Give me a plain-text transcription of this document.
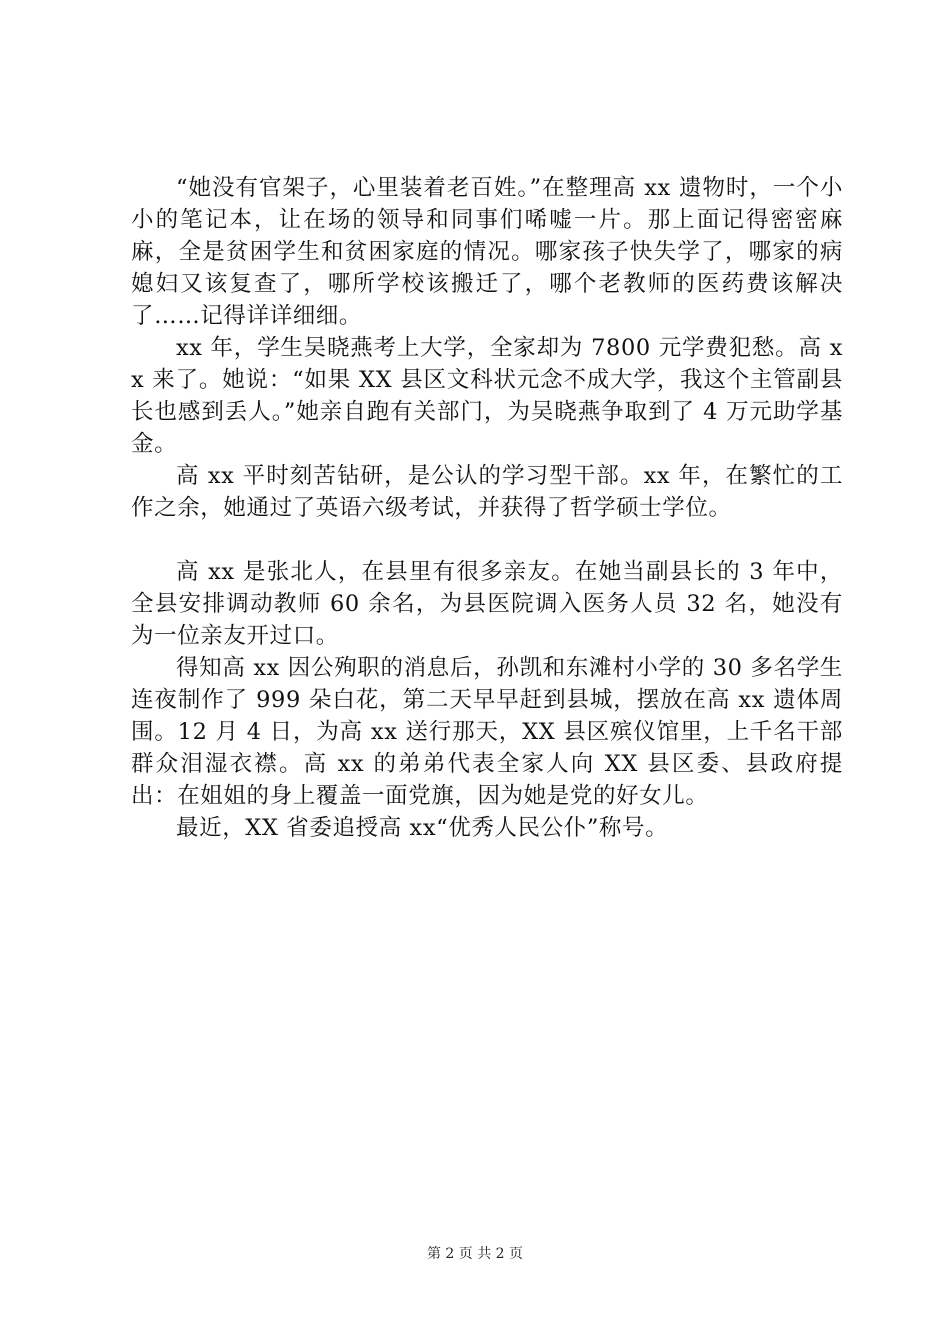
“她没有官架子，心里装着老百姓。”在整理高 xx 遗物时，一个小小的笔记本，让在场的领导和同事们唏嘘一片。那上面记得密密麻麻，全是贫困学生和贫困家庭的情况。哪家孩子快失学了，哪家的病媳妇又该复查了，哪所学校该搬迁了，哪个老教师的医药费该解决了……记得详详细细。

xx 年，学生吴晓燕考上大学，全家却为 7800 元学费犯愁。高 xx 来了。她说：“如果 XX 县区文科状元念不成大学，我这个主管副县长也感到丢人。”她亲自跑有关部门，为吴晓燕争取到了 4 万元助学基金。

高 xx 平时刻苦钻研，是公认的学习型干部。xx 年，在繁忙的工作之余，她通过了英语六级考试，并获得了哲学硕士学位。

高 xx 是张北人，在县里有很多亲友。在她当副县长的 3 年中，全县安排调动教师 60 余名，为县医院调入医务人员 32 名，她没有为一位亲友开过口。

得知高 xx 因公殉职的消息后，孙凯和东滩村小学的 30 多名学生连夜制作了 999 朵白花，第二天早早赶到县城，摆放在高 xx 遗体周围。12 月 4 日，为高 xx 送行那天，XX 县区殡仪馆里，上千名干部群众泪湿衣襟。高 xx 的弟弟代表全家人向 XX 县区委、县政府提出：在姐姐的身上覆盖一面党旗，因为她是党的好女儿。

最近，XX 省委追授高 xx“优秀人民公仆”称号。

第 2 页 共 2 页
